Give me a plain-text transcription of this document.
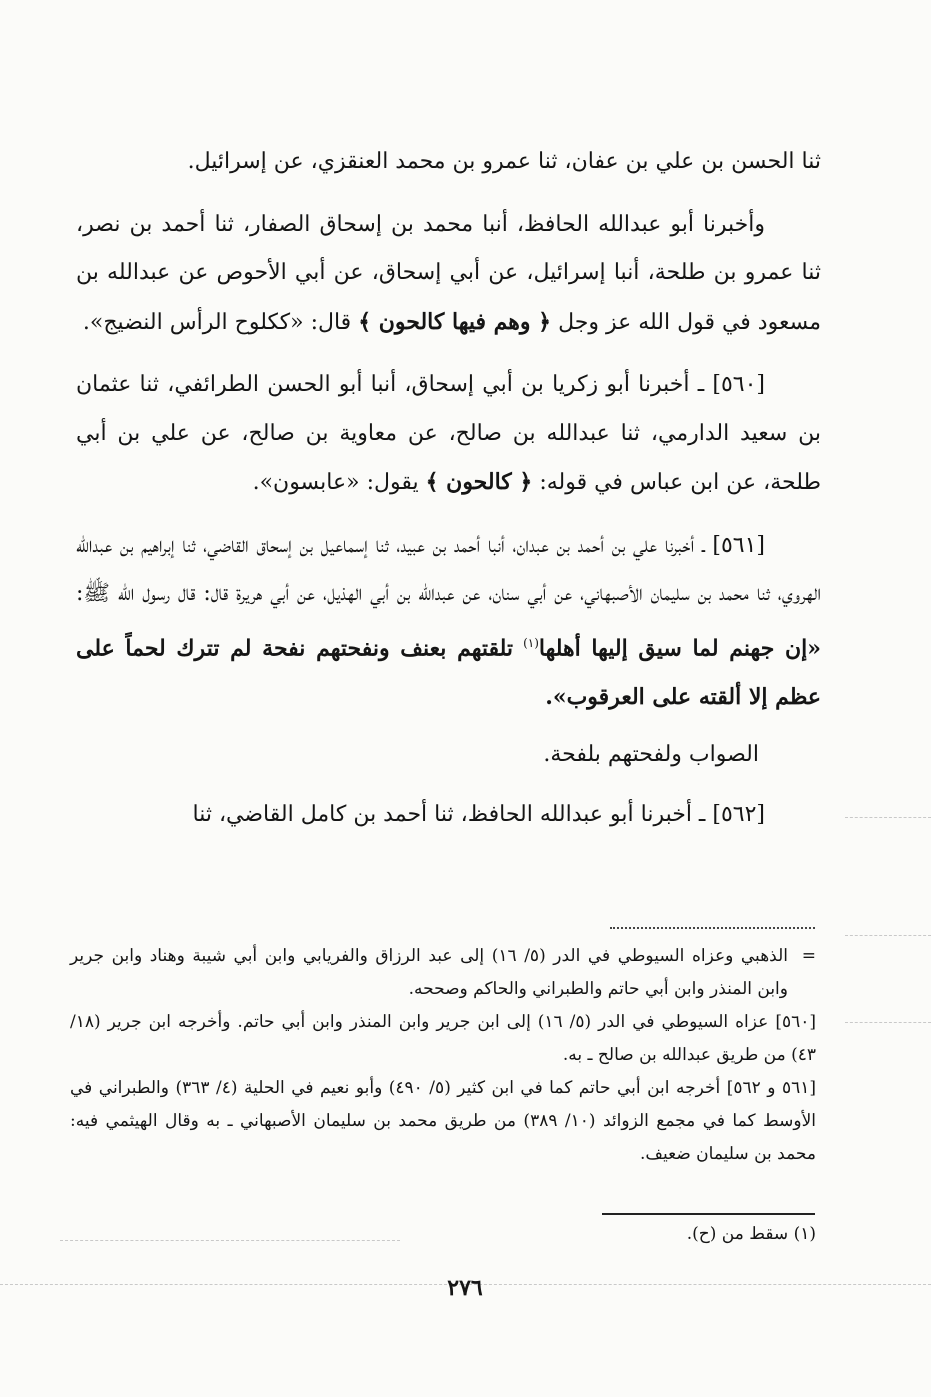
ثنا الحسن بن علي بن عفان، ثنا عمرو بن محمد العنقزي، عن إسرائيل.

وأخبرنا أبو عبدالله الحافظ، أنبا محمد بن إسحاق الصفار، ثنا أحمد بن نصر، ثنا عمرو بن طلحة، أنبا إسرائيل، عن أبي إسحاق، عن أبي الأحوص عن عبدالله بن مسعود في قول الله عز وجل ﴿ وهم فيها كالحون ﴾ قال: «ككلوح الرأس النضيج».

[٥٦٠] ـ أخبرنا أبو زكريا بن أبي إسحاق، أنبا أبو الحسن الطرائفي، ثنا عثمان بن سعيد الدارمي، ثنا عبدالله بن صالح، عن معاوية بن صالح، عن علي بن أبي طلحة، عن ابن عباس في قوله: ﴿ كالحون ﴾ يقول: «عابسون».

[٥٦١] ـ أخبرنا علي بن أحمد بن عبدان، أنبا أحمد بن عبيد، ثنا إسماعيل بن إسحاق القاضي، ثنا إبراهيم بن عبدالله الهروي، ثنا محمد بن سليمان الأصبهاني، عن أبي سنان، عن عبدالله بن أبي الهذيل، عن أبي هريرة قال: قال رسول الله ﷺ: «إن جهنم لما سيق إليها أهلها$^{(١)}$ تلقتهم بعنف ونفحتهم نفحة لم تترك لحماً على عظم إلا ألقته على العرقوب».

الصواب ولفحتهم بلفحة.

[٥٦٢] ـ أخبرنا أبو عبدالله الحافظ، ثنا أحمد بن كامل القاضي، ثنا

=الذهبي وعزاه السيوطي في الدر (٥/ ١٦) إلى عبد الرزاق والفريابي وابن أبي شيبة وهناد وابن جرير وابن المنذر وابن أبي حاتم والطبراني والحاكم وصححه.

[٥٦٠] عزاه السيوطي في الدر (٥/ ١٦) إلى ابن جرير وابن المنذر وابن أبي حاتم. وأخرجه ابن جرير (١٨/ ٤٣) من طريق عبدالله بن صالح ـ به.

[٥٦١ و ٥٦٢] أخرجه ابن أبي حاتم كما في ابن كثير (٥/ ٤٩٠) وأبو نعيم في الحلية (٤/ ٣٦٣) والطبراني في الأوسط كما في مجمع الزوائد (١٠/ ٣٨٩) من طريق محمد بن سليمان الأصبهاني ـ به وقال الهيثمي فيه: محمد بن سليمان ضعيف.

(١) سقط من (ح).
٢٧٦
